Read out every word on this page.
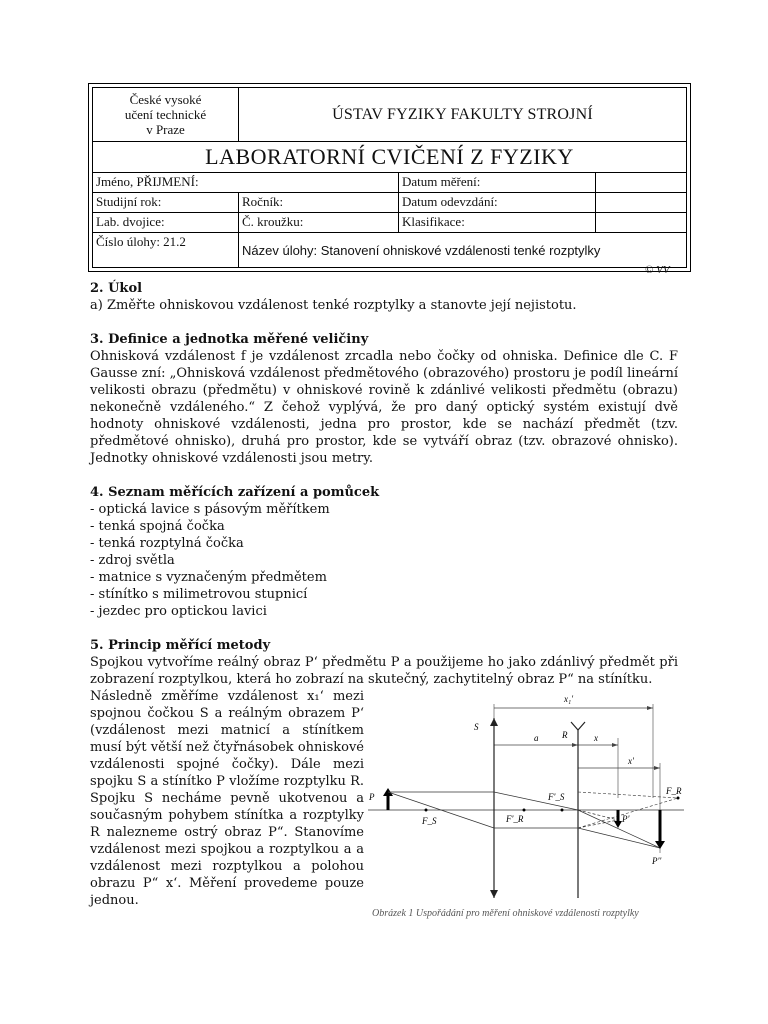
České vysoké
učení technické
v Praze	ÚSTAV FYZIKY FAKULTY STROJNÍ		
LABORATORNÍ CVIČENÍ Z FYZIKY			
Jméno, PŘIJMENÍ:		Datum měření:	
Studijní rok:	Ročník:	Datum odevzdání:	
Lab. dvojice:	Č. kroužku:	Klasifikace:	
Číslo úlohy: 21.2	Název úlohy: Stanovení ohniskové vzdálenosti tenké rozptylky		
© VV
2. Úkol

a) Změřte ohniskovou vzdálenost tenké rozptylky a stanovte její nejistotu.

3. Definice a jednotka měřené veličiny

Ohnisková vzdálenost f je vzdálenost zrcadla nebo čočky od ohniska. Definice dle C. F Gausse zní: „Ohnisková vzdálenost předmětového (obrazového) prostoru je podíl lineární velikosti obrazu (předmětu) v ohniskové rovině k zdánlivé velikosti předmětu (obrazu) nekonečně vzdáleného.“ Z čehož vyplývá, že pro daný optický systém existují dvě hodnoty ohniskové vzdálenosti, jedna pro prostor, kde se nachází předmět (tzv. předmětové ohnisko), druhá pro prostor, kde se vytváří obraz (tzv. obrazové ohnisko). Jednotky ohniskové vzdálenosti jsou metry.

4. Seznam měřících zařízení a pomůcek
- optická lavice s pásovým měřítkem
- tenká spojná čočka
- tenká rozptylná čočka
- zdroj světla
- matnice s vyznačeným předmětem
- stínítko s milimetrovou stupnicí
- jezdec pro optickou lavici
5. Princip měřící metody

Spojkou vytvoříme reálný obraz P‘ předmětu P a použijeme ho jako zdánlivý předmět při zobrazení rozptylkou, která ho zobrazí na skutečný, zachytitelný obraz P“ na stínítku.

Následně změříme vzdálenost x₁‘ mezi spojnou čočkou S a reálným obrazem P‘ (vzdálenost mezi matnicí a stínítkem musí být větší než čtyřnásobek ohniskové vzdálenosti spojné čočky). Dále mezi spojku S a stínítko P vložíme rozptylku R. Spojku S necháme pevně ukotvenou a současným pohybem stínítka a rozptylky R nalezneme ostrý obraz P“. Stanovíme vzdálenost mezi spojkou a rozptylkou a a vzdálenost mezi rozptylkou a polohou obrazu P“ x‘. Měření provedeme pouze jednou.

x₁'
S
R
a	x
x'
P
F_S
F'_S
F_R
F'_R	P'
P''
Obrázek 1 Uspořádání pro měření ohniskové vzdálenosti rozptylky
